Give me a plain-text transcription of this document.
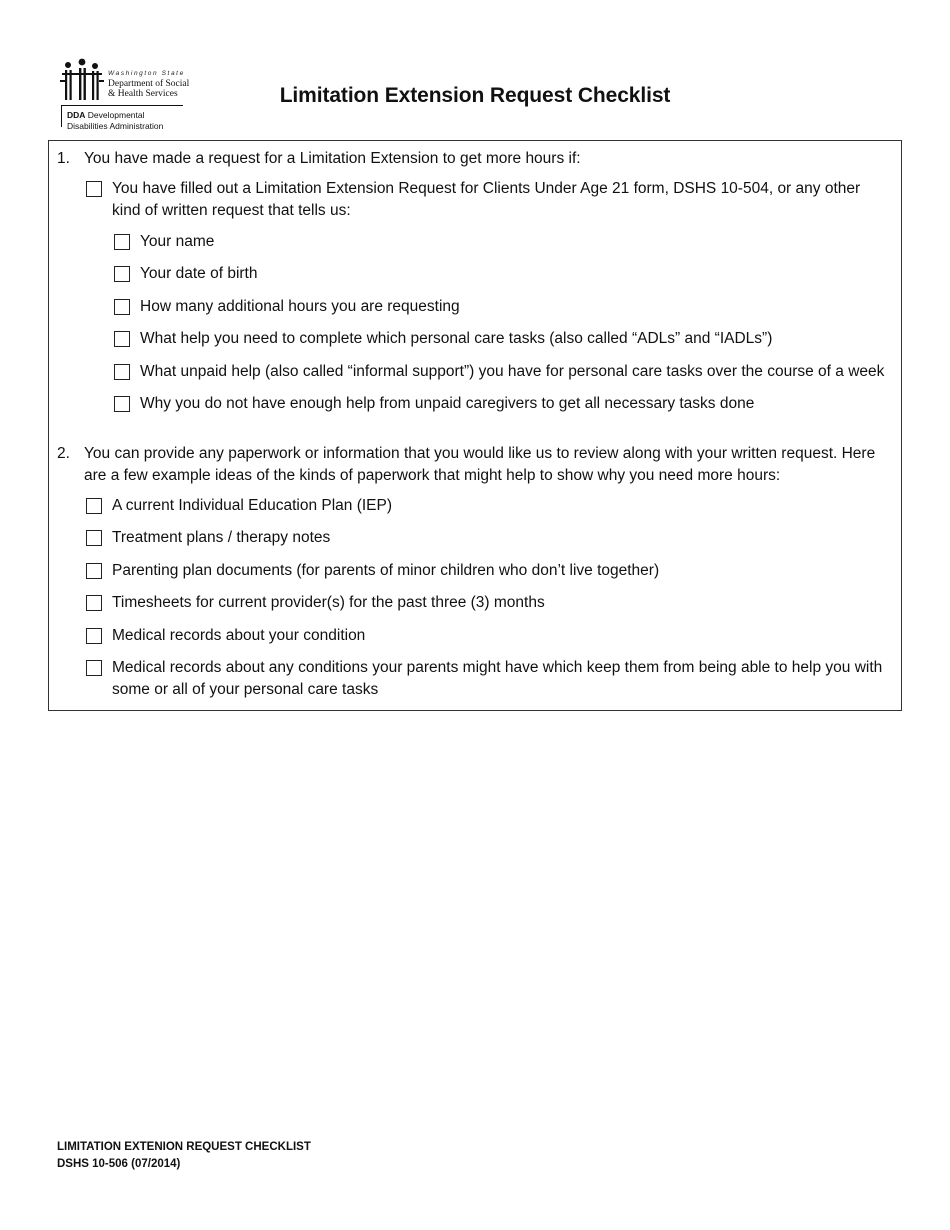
Washington State
Department of Social
& Health Services
DDA Developmental
Disabilities Administration
Limitation Extension Request Checklist
1. You have made a request for a Limitation Extension to get more hours if:
You have filled out a Limitation Extension Request for Clients Under Age 21 form, DSHS 10-504, or any other
kind of written request that tells us:
Your name
Your date of birth
How many additional hours you are requesting
What help you need to complete which personal care tasks (also called “ADLs” and “IADLs”)
What unpaid help (also called “informal support”) you have for personal care tasks over the course of a week
Why you do not have enough help from unpaid caregivers to get all necessary tasks done
2. You can provide any paperwork or information that you would like us to review along with your written request. Here
are a few example ideas of the kinds of paperwork that might help to show why you need more hours:
A current Individual Education Plan (IEP)
Treatment plans / therapy notes
Parenting plan documents (for parents of minor children who don’t live together)
Timesheets for current provider(s) for the past three (3) months
Medical records about your condition
Medical records about any conditions your parents might have which keep them from being able to help you with
some or all of your personal care tasks
LIMITATION EXTENION REQUEST CHECKLIST
DSHS 10-506 (07/2014)
